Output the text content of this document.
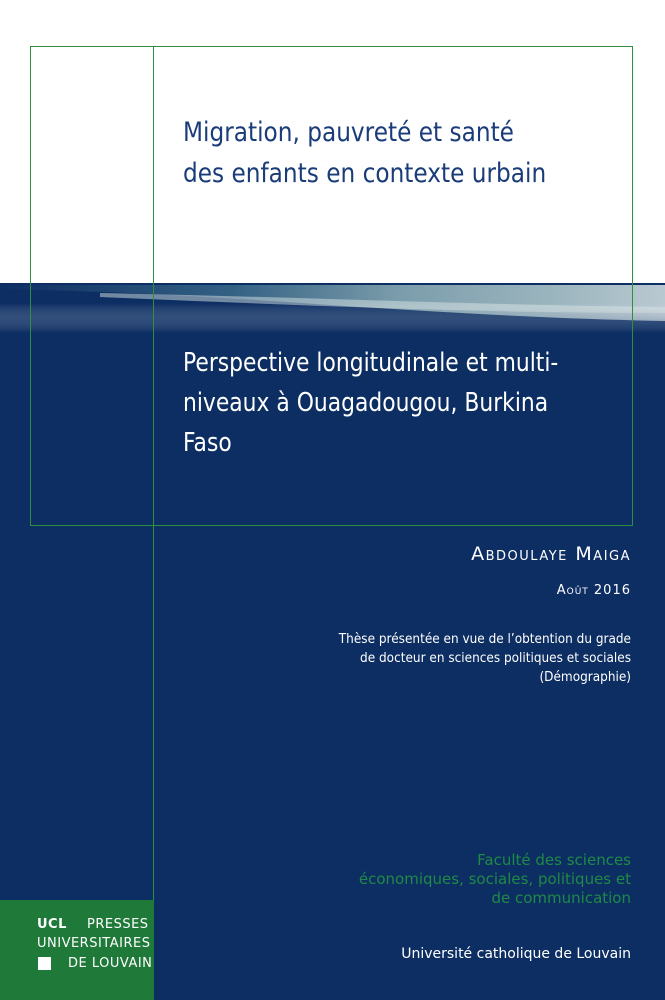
Migration, pauvreté et santé des enfants en contexte urbain
Perspective longitudinale et multi-niveaux à Ouagadougou, Burkina Faso
Abdoulaye Maiga
Août 2016
Thèse présentée en vue de l’obtention du grade
de docteur en sciences politiques et sociales
(Démographie)
Faculté des sciences
économiques, sociales, politiques et
de communication
Université catholique de Louvain
UCL PRESSES
UNIVERSITAIRES
DE LOUVAIN
